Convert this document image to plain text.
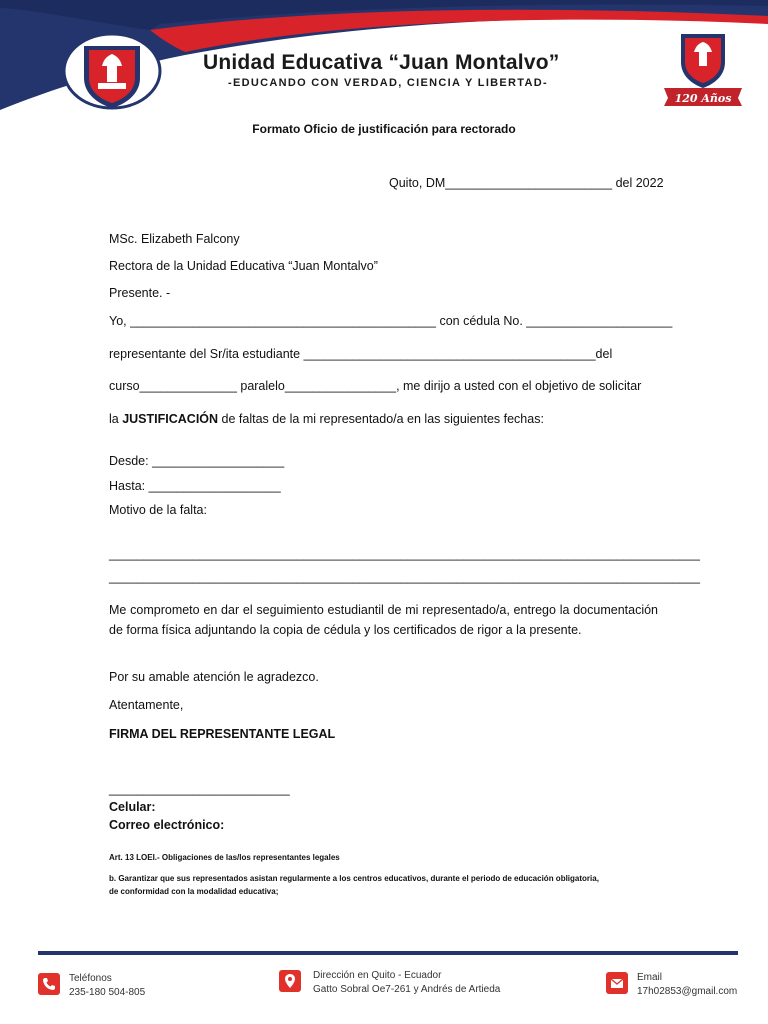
Unidad Educativa “Juan Montalvo”
-EDUCANDO CON VERDAD, CIENCIA Y LIBERTAD-
120 Años
Formato Oficio de justificación para rectorado
Quito, DM________________________ del 2022
MSc. Elizabeth Falcony
Rectora de la Unidad Educativa “Juan Montalvo”
Presente. -
Yo, ____________________________________________ con cédula No. _____________________
representante del Sr/ita estudiante __________________________________________del
curso______________ paralelo________________, me dirijo a usted con el objetivo de solicitar
la JUSTIFICACIÓN de faltas de la mi representado/a en las siguientes fechas:
Desde: ___________________
Hasta: ___________________
Motivo de la falta:
_____________________________________________________________________________________
_____________________________________________________________________________________
Me comprometo en dar el seguimiento estudiantil de mi representado/a, entrego la documentación de forma física adjuntando la copia de cédula y los certificados de rigor a la presente.
Por su amable atención le agradezco.
Atentamente,
FIRMA DEL REPRESENTANTE LEGAL
__________________________
Celular:
Correo electrónico:
Art. 13 LOEI.- Obligaciones de las/los representantes legales
b. Garantizar que sus representados asistan regularmente a los centros educativos, durante el periodo de educación obligatoria,
de conformidad con la modalidad educativa;
Teléfonos
235-180 504-805
Dirección en Quito - Ecuador
Gatto Sobral Oe7-261 y Andrés de Artieda
Email
17h02853@gmail.com
